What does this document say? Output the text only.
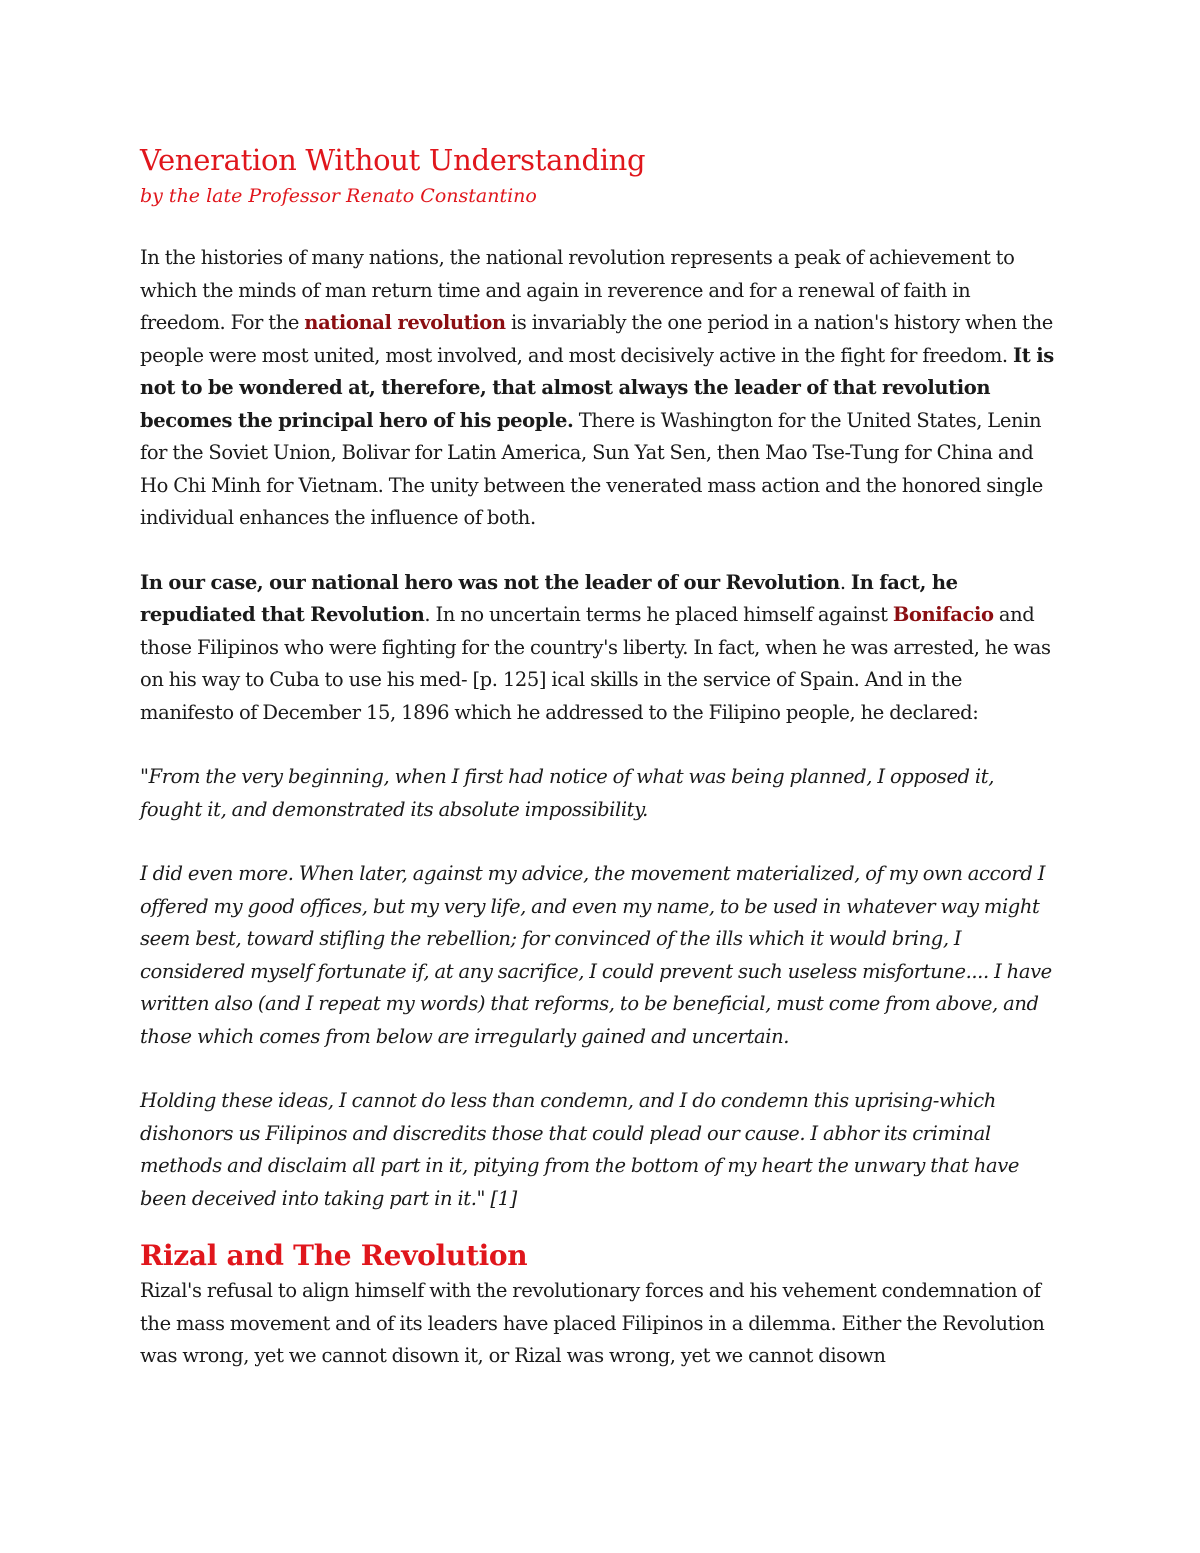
Veneration Without Understanding
by the late Professor Renato Constantino

In the histories of many nations, the national revolution represents a peak of achievement to which the minds of man return time and again in reverence and for a renewal of faith in freedom. For the national revolution is invariably the one period in a nation's history when the people were most united, most involved, and most decisively active in the fight for freedom. It is not to be wondered at, therefore, that almost always the leader of that revolution becomes the principal hero of his people. There is Washington for the United States, Lenin for the Soviet Union, Bolivar for Latin America, Sun Yat Sen, then Mao Tse-Tung for China and Ho Chi Minh for Vietnam. The unity between the venerated mass action and the honored single individual enhances the influence of both.

In our case, our national hero was not the leader of our Revolution. In fact, he repudiated that Revolution. In no uncertain terms he placed himself against Bonifacio and those Filipinos who were fighting for the country's liberty. In fact, when he was arrested, he was on his way to Cuba to use his med- [p. 125] ical skills in the service of Spain. And in the manifesto of December 15, 1896 which he addressed to the Filipino people, he declared:

"From the very beginning, when I first had notice of what was being planned, I opposed it, fought it, and demonstrated its absolute impossibility.

I did even more. When later, against my advice, the movement materialized, of my own accord I offered my good offices, but my very life, and even my name, to be used in whatever way might seem best, toward stifling the rebellion; for convinced of the ills which it would bring, I considered myself fortunate if, at any sacrifice, I could prevent such useless misfortune.... I have written also (and I repeat my words) that reforms, to be beneficial, must come from above, and those which comes from below are irregularly gained and uncertain.

Holding these ideas, I cannot do less than condemn, and I do condemn this uprising-which dishonors us Filipinos and discredits those that could plead our cause. I abhor its criminal methods and disclaim all part in it, pitying from the bottom of my heart the unwary that have been deceived into taking part in it." [1]

Rizal and The Revolution

Rizal's refusal to align himself with the revolutionary forces and his vehement condemnation of the mass movement and of its leaders have placed Filipinos in a dilemma. Either the Revolution was wrong, yet we cannot disown it, or Rizal was wrong, yet we cannot disown
